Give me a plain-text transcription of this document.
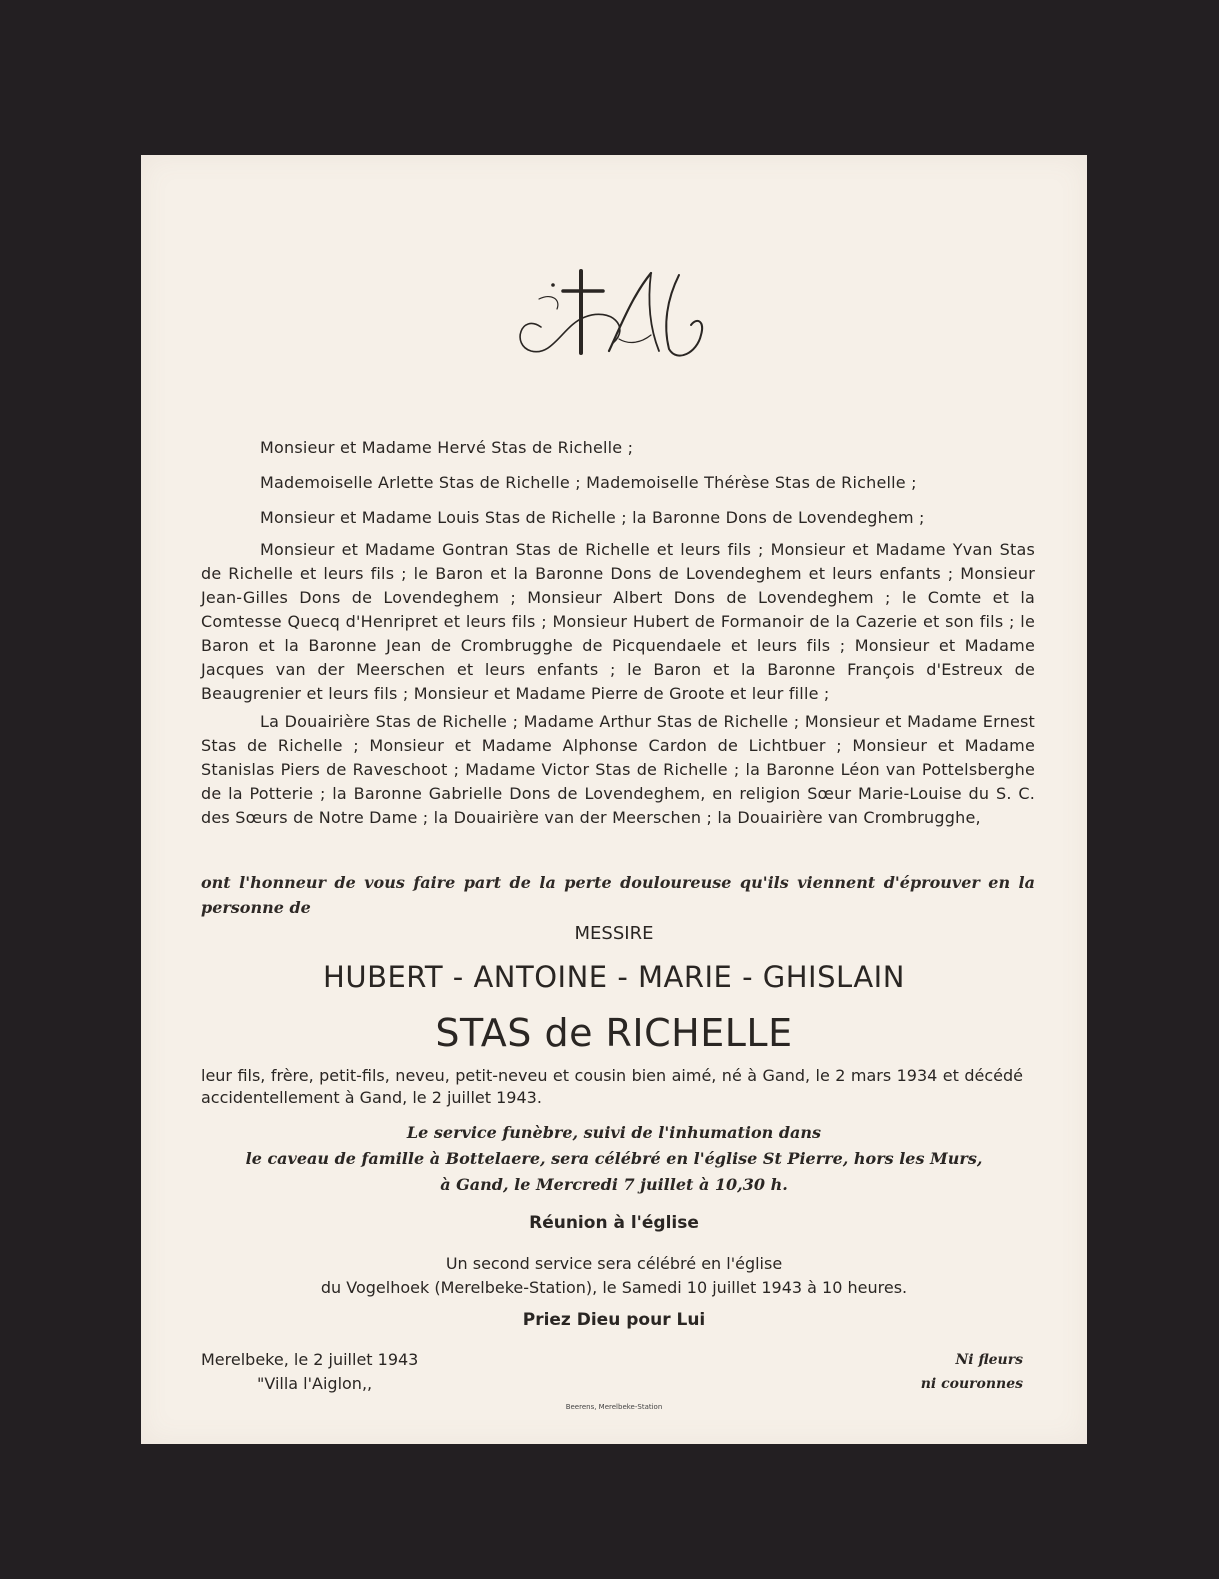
Monsieur et Madame Hervé Stas de Richelle ;

Mademoiselle Arlette Stas de Richelle ; Mademoiselle Thérèse Stas de Richelle ;

Monsieur et Madame Louis Stas de Richelle ; la Baronne Dons de Lovendeghem ;

Monsieur et Madame Gontran Stas de Richelle et leurs fils ; Monsieur et Madame Yvan Stas de Richelle et leurs fils ; le Baron et la Baronne Dons de Lovendeghem et leurs enfants ; Monsieur Jean-Gilles Dons de Lovendeghem ; Monsieur Albert Dons de Lovendeghem ; le Comte et la Comtesse Quecq d'Henripret et leurs fils ; Monsieur Hubert de Formanoir de la Cazerie et son fils ; le Baron et la Baronne Jean de Crombrugghe de Picquendaele et leurs fils ; Monsieur et Madame Jacques van der Meerschen et leurs enfants ; le Baron et la Baronne François d'Estreux de Beaugrenier et leurs fils ; Monsieur et Madame Pierre de Groote et leur fille ;
La Douairière Stas de Richelle ; Madame Arthur Stas de Richelle ; Monsieur et Madame Ernest Stas de Richelle ; Monsieur et Madame Alphonse Cardon de Lichtbuer ; Monsieur et Madame Stanislas Piers de Raveschoot ; Madame Victor Stas de Richelle ; la Baronne Léon van Pottelsberghe de la Potterie ; la Baronne Gabrielle Dons de Lovendeghem, en religion Sœur Marie-Louise du S. C. des Sœurs de Notre Dame ; la Douairière van der Meerschen ; la Douairière van Crombrugghe,
ont l'honneur de vous faire part de la perte douloureuse qu'ils viennent d'éprouver en la personne de
MESSIRE
HUBERT - ANTOINE - MARIE - GHISLAIN
STAS de RICHELLE
leur fils, frère, petit-fils, neveu, petit-neveu et cousin bien aimé, né à Gand, le 2 mars 1934 et décédé accidentellement à Gand, le 2 juillet 1943.
Le service funèbre, suivi de l'inhumation dans
le caveau de famille à Bottelaere, sera célébré en l'église St Pierre, hors les Murs,
à Gand, le Mercredi 7 juillet à 10,30 h.
Réunion à l'église
Un second service sera célébré en l'église
du Vogelhoek (Merelbeke-Station), le Samedi 10 juillet 1943 à 10 heures.
Priez Dieu pour Lui
Merelbeke, le 2 juillet 1943
"Villa l'Aiglon,,
Ni fleurs
ni couronnes
Beerens, Merelbeke-Station
